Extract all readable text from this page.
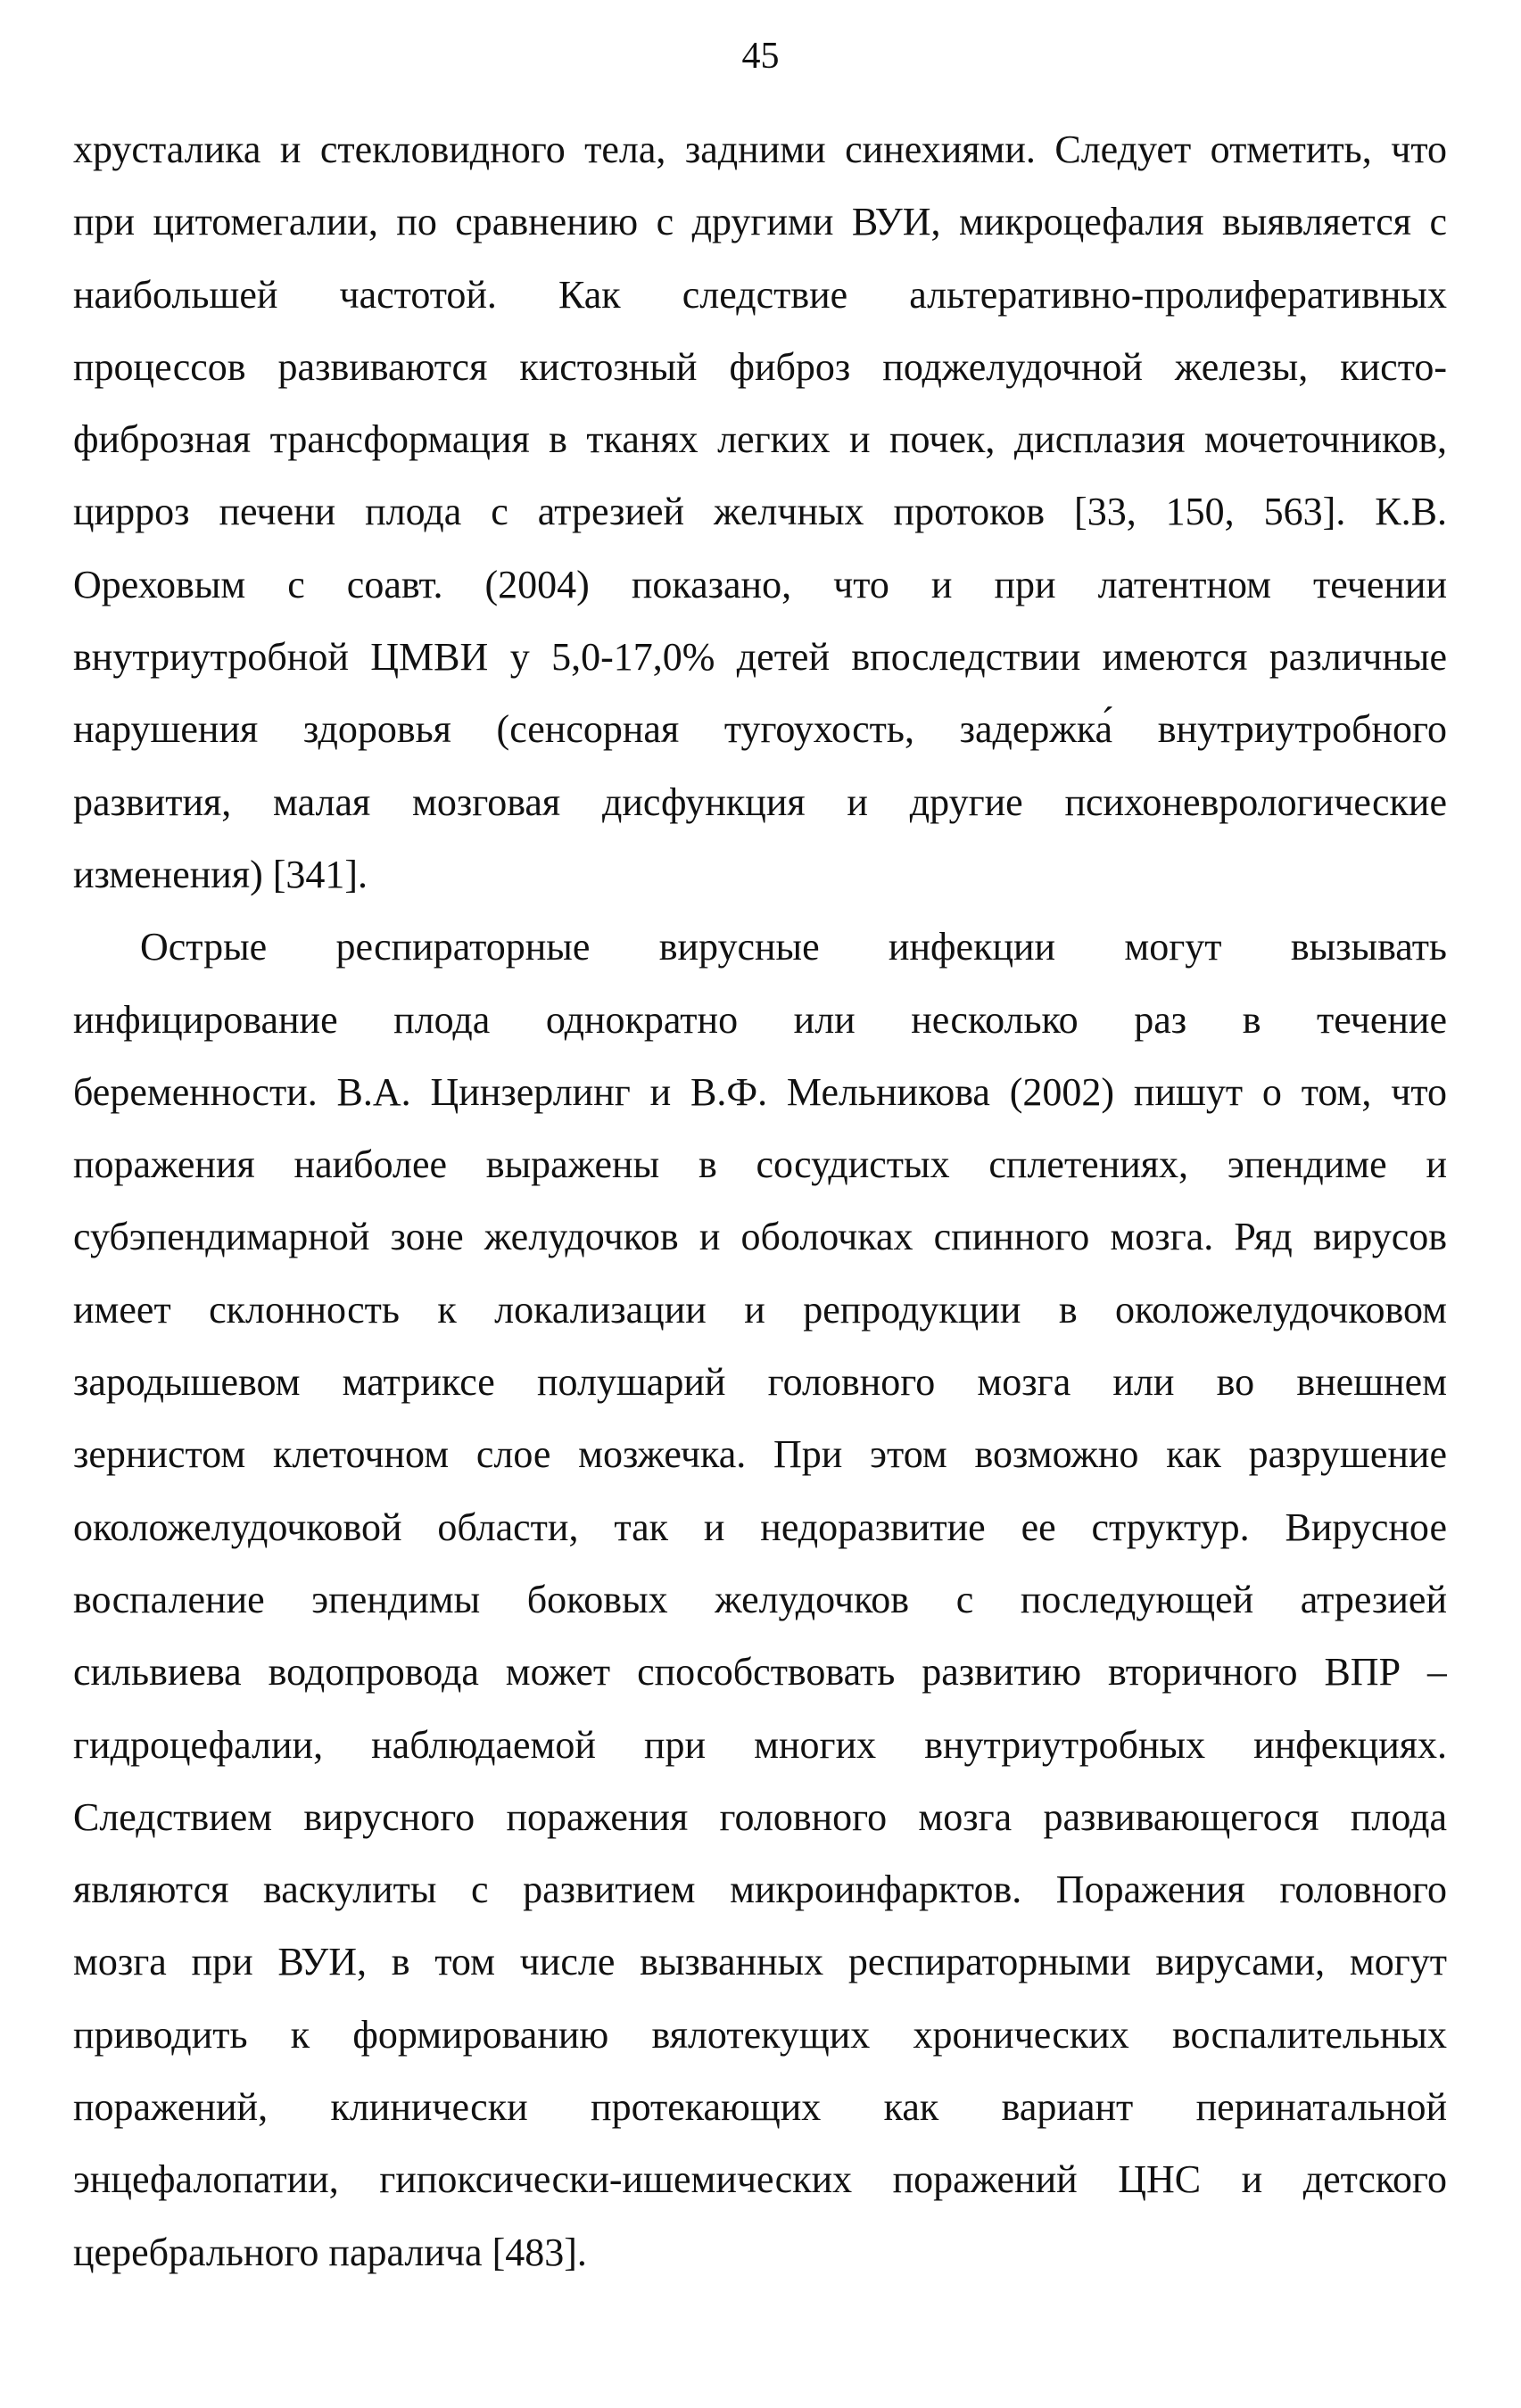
45
хрусталика и стекловидного тела, задними синехиями. Следует отметить, что
при цитомегалии, по сравнению с другими ВУИ, микроцефалия выявляется с
наибольшей частотой. Как следствие альтеративно-пролиферативных
процессов развиваются кистозный фиброз поджелудочной железы, кисто-
фиброзная трансформация в тканях легких и почек, дисплазия мочеточников,
цирроз печени плода с атрезией желчных протоков [33, 150, 563]. К.В.
Ореховым с соавт. (2004) показано, что и при латентном течении
внутриутробной ЦМВИ у 5,0-17,0% детей впоследствии имеются различные
нарушения здоровья (сенсорная тугоухость, задержка́ внутриутробного
развития, малая мозговая дисфункция и другие психоневрологические
изменения) [341].
Острые респираторные вирусные инфекции могут вызывать
инфицирование плода однократно или несколько раз в течение
беременности. В.А. Цинзерлинг и В.Ф. Мельникова (2002) пишут о том, что
поражения наиболее выражены в сосудистых сплетениях, эпендиме и
субэпендимарной зоне желудочков и оболочках спинного мозга. Ряд вирусов
имеет склонность к локализации и репродукции в околожелудочковом
зародышевом матриксе полушарий головного мозга или во внешнем
зернистом клеточном слое мозжечка. При этом возможно как разрушение
околожелудочковой области, так и недоразвитие ее структур. Вирусное
воспаление эпендимы боковых желудочков с последующей атрезией
сильвиева водопровода может способствовать развитию вторичного ВПР –
гидроцефалии, наблюдаемой при многих внутриутробных инфекциях.
Следствием вирусного поражения головного мозга развивающегося плода
являются васкулиты с развитием микроинфарктов. Поражения головного
мозга при ВУИ, в том числе вызванных респираторными вирусами, могут
приводить к формированию вялотекущих хронических воспалительных
поражений, клинически протекающих как вариант перинатальной
энцефалопатии, гипоксически-ишемических поражений ЦНС и детского
церебрального паралича [483].
